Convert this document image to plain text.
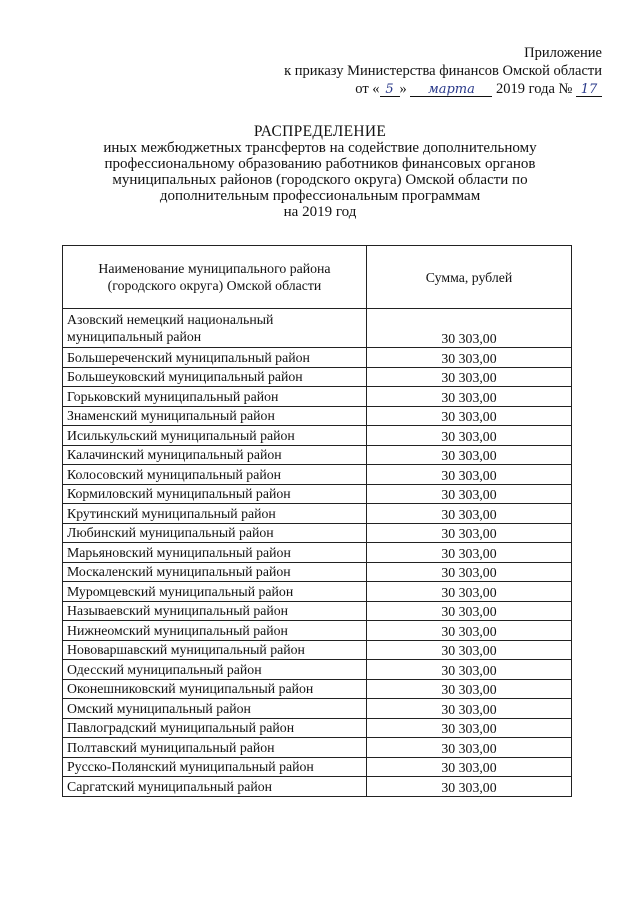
Приложение
к приказу Министерства финансов Омской области
от « 5 » марта 2019 года № 17
РАСПРЕДЕЛЕНИЕ
иных межбюджетных трансфертов на содействие дополнительному
профессиональному образованию работников финансовых органов
муниципальных районов (городского округа) Омской области по
дополнительным профессиональным программам
на 2019 год
Наименование муниципального района (городского округа) Омской области	Сумма, рублей
Азовский немецкий национальный муниципальный район	30 303,00
Большереченский муниципальный район	30 303,00
Большеуковский муниципальный район	30 303,00
Горьковский муниципальный район	30 303,00
Знаменский муниципальный район	30 303,00
Исилькульский муниципальный район	30 303,00
Калачинский муниципальный район	30 303,00
Колосовский муниципальный район	30 303,00
Кормиловский муниципальный район	30 303,00
Крутинский муниципальный район	30 303,00
Любинский муниципальный район	30 303,00
Марьяновский муниципальный район	30 303,00
Москаленский муниципальный район	30 303,00
Муромцевский муниципальный район	30 303,00
Называевский муниципальный район	30 303,00
Нижнеомский муниципальный район	30 303,00
Нововаршавский муниципальный район	30 303,00
Одесский муниципальный район	30 303,00
Оконешниковский муниципальный район	30 303,00
Омский муниципальный район	30 303,00
Павлоградский муниципальный район	30 303,00
Полтавский муниципальный район	30 303,00
Русско-Полянский муниципальный район	30 303,00
Саргатский муниципальный район	30 303,00
